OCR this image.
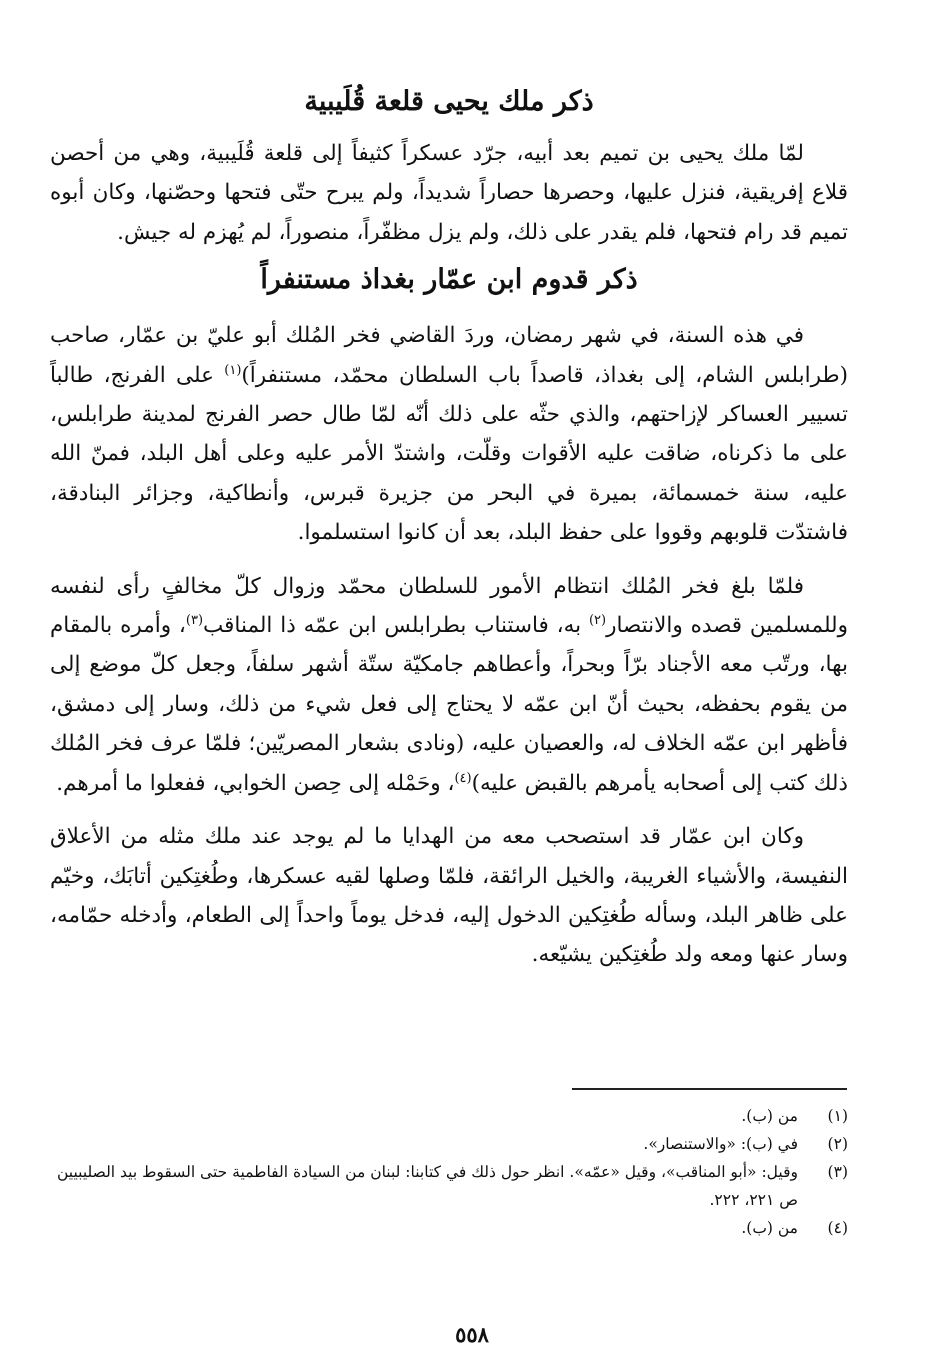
ذكر ملك يحيى قلعة قُلَيبية

لمّا ملك يحيى بن تميم بعد أبيه، جرّد عسكراً كثيفاً إلى قلعة قُلَيبية، وهي من أحصن قلاع إفريقية، فنزل عليها، وحصرها حصاراً شديداً، ولم يبرح حتّى فتحها وحصّنها، وكان أبوه تميم قد رام فتحها، فلم يقدر على ذلك، ولم يزل مظفّراً، منصوراً، لم يُهزم له جيش.

ذكر قدوم ابن عمّار بغداذ مستنفراً

في هذه السنة، في شهر رمضان، وردَ القاضي فخر المُلك أبو عليّ بن عمّار، صاحب (طرابلس الشام، إلى بغداذ، قاصداً باب السلطان محمّد، مستنفراً)$^{(١)}$ على الفرنج، طالباً تسيير العساكر لإزاحتهم، والذي حثّه على ذلك أنّه لمّا طال حصر الفرنج لمدينة طرابلس، على ما ذكرناه، ضاقت عليه الأقوات وقلّت، واشتدّ الأمر عليه وعلى أهل البلد، فمنّ الله عليه، سنة خمسمائة، بميرة في البحر من جزيرة قبرس، وأنطاكية، وجزائر البنادقة، فاشتدّت قلوبهم وقووا على حفظ البلد، بعد أن كانوا استسلموا.

فلمّا بلغ فخر المُلك انتظام الأمور للسلطان محمّد وزوال كلّ مخالفٍ رأى لنفسه وللمسلمين قصده والانتصار$^{(٢)}$ به، فاستناب بطرابلس ابن عمّه ذا المناقب$^{(٣)}$، وأمره بالمقام بها، ورتّب معه الأجناد برّاً وبحراً، وأعطاهم جامكيّة ستّة أشهر سلفاً، وجعل كلّ موضع إلى من يقوم بحفظه، بحيث أنّ ابن عمّه لا يحتاج إلى فعل شيء من ذلك، وسار إلى دمشق، فأظهر ابن عمّه الخلاف له، والعصيان عليه، (ونادى بشعار المصريّين؛ فلمّا عرف فخر المُلك ذلك كتب إلى أصحابه يأمرهم بالقبض عليه)$^{(٤)}$، وحَمْله إلى حِصن الخوابي، ففعلوا ما أمرهم.

وكان ابن عمّار قد استصحب معه من الهدايا ما لم يوجد عند ملك مثله من الأعلاق النفيسة، والأشياء الغريبة، والخيل الرائقة، فلمّا وصلها لقيه عسكرها، وطُغتِكين أتابَك، وخيّم على ظاهر البلد، وسأله طُغتِكين الدخول إليه، فدخل يوماً واحداً إلى الطعام، وأدخله حمّامه، وسار عنها ومعه ولد طُغتِكين يشيّعه.

(١)
من (ب).
(٢)
في (ب): «والاستنصار».
(٣)
وقيل: «أبو المناقب»، وقيل «عمّه». انظر حول ذلك في كتابنا: لبنان من السيادة الفاطمية حتى السقوط بيد الصليبيين ص ٢٢١، ٢٢٢.
(٤)
من (ب).
٥٥٨
